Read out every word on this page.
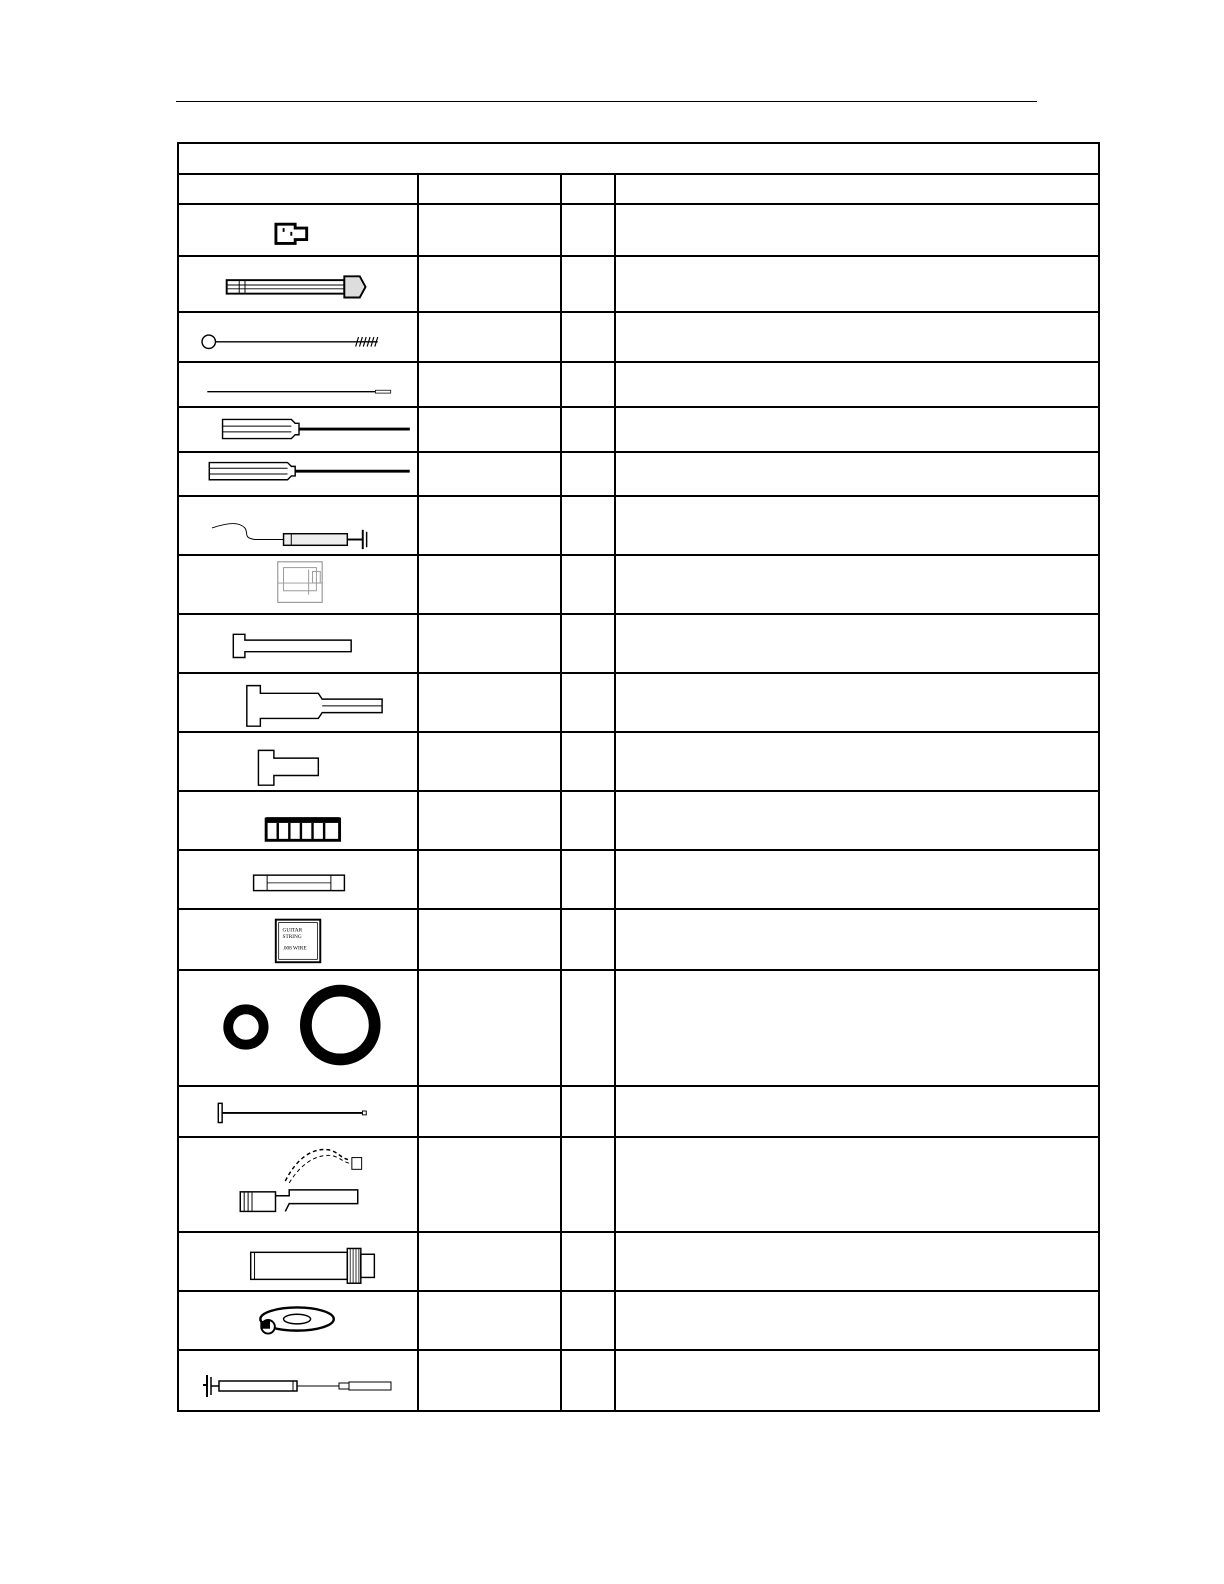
GUITAR
STRING
.008 WIRE
